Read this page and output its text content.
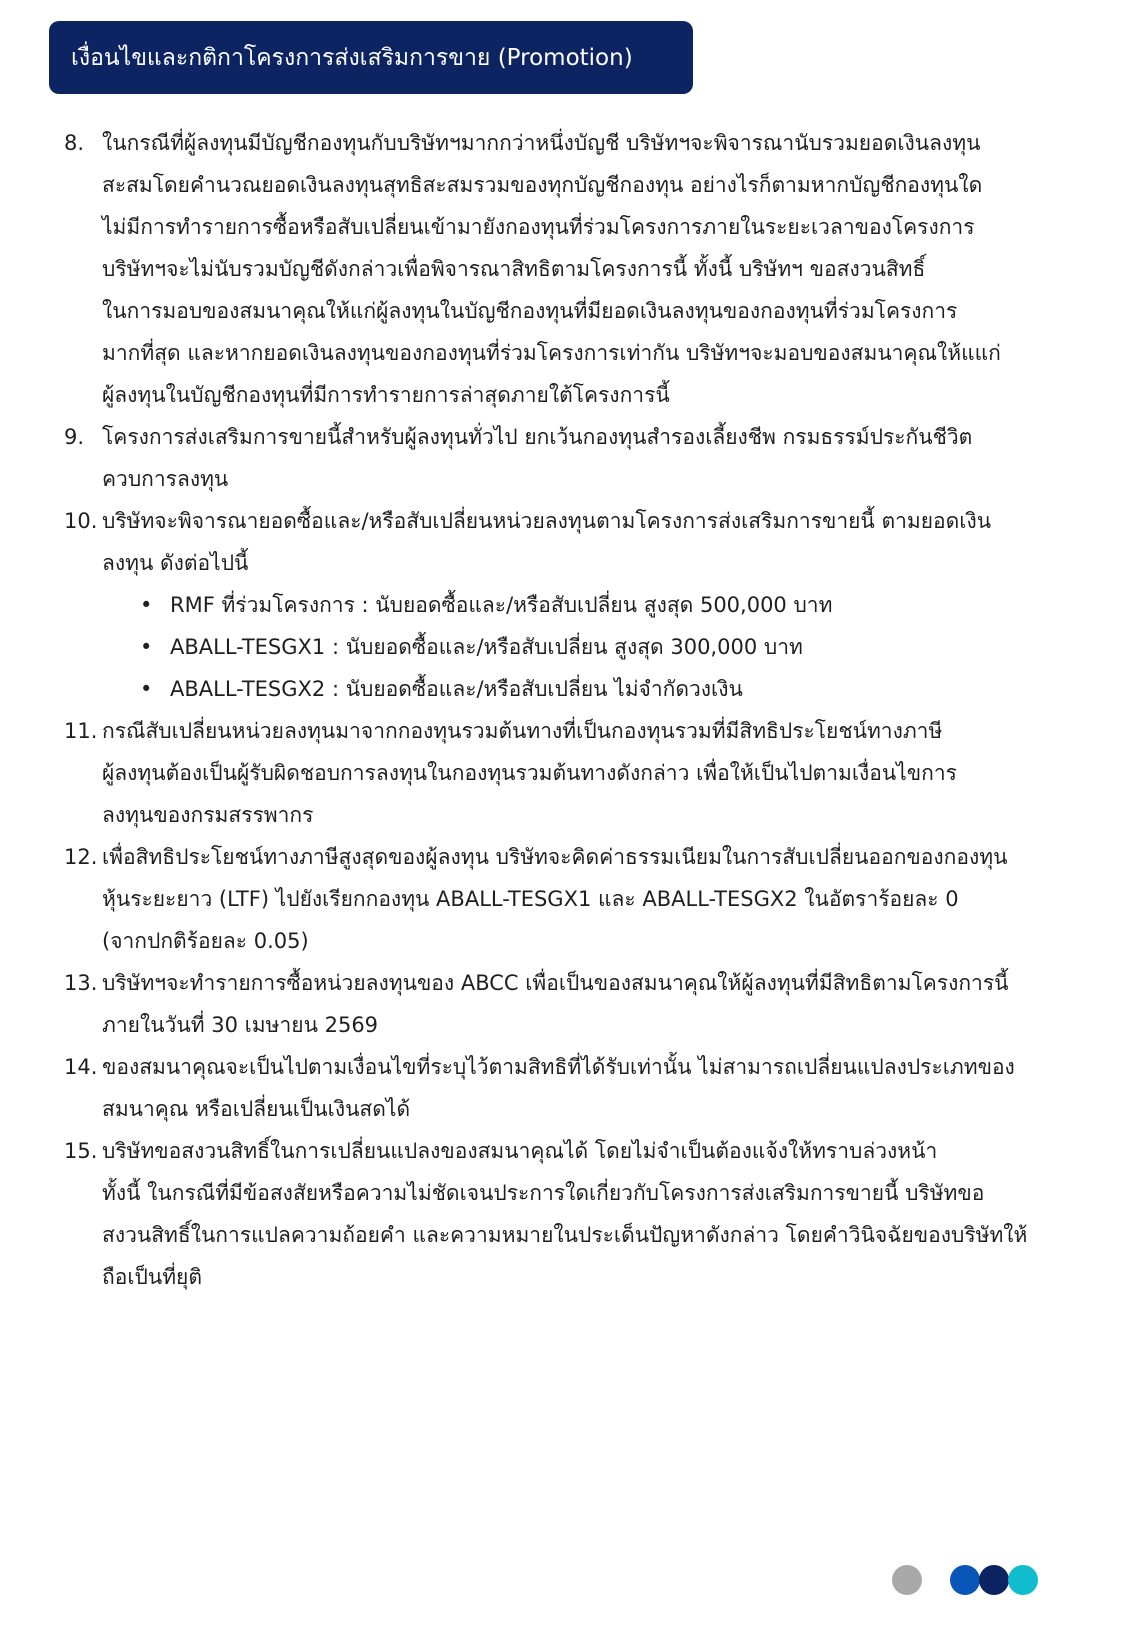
เงื่อนไขและกติกาโครงการส่งเสริมการขาย (Promotion)
8. ในกรณีที่ผู้ลงทุนมีบัญชีกองทุนกับบริษัทฯมากกว่าหนึ่งบัญชี บริษัทฯจะพิจารณานับรวมยอดเงินลงทุน
สะสมโดยคำนวณยอดเงินลงทุนสุทธิสะสมรวมของทุกบัญชีกองทุน อย่างไรก็ตามหากบัญชีกองทุนใด
ไม่มีการทำรายการซื้อหรือสับเปลี่ยนเข้ามายังกองทุนที่ร่วมโครงการภายในระยะเวลาของโครงการ
บริษัทฯจะไม่นับรวมบัญชีดังกล่าวเพื่อพิจารณาสิทธิตามโครงการนี้ ทั้งนี้ บริษัทฯ ขอสงวนสิทธิ์
ในการมอบของสมนาคุณให้แก่ผู้ลงทุนในบัญชีกองทุนที่มียอดเงินลงทุนของกองทุนที่ร่วมโครงการ
มากที่สุด และหากยอดเงินลงทุนของกองทุนที่ร่วมโครงการเท่ากัน บริษัทฯจะมอบของสมนาคุณให้แแก่
ผู้ลงทุนในบัญชีกองทุนที่มีการทำรายการล่าสุดภายใต้โครงการนี้
9. โครงการส่งเสริมการขายนี้สำหรับผู้ลงทุนทั่วไป ยกเว้นกองทุนสำรองเลี้ยงชีพ กรมธรรม์ประกันชีวิต
ควบการลงทุน
10. บริษัทจะพิจารณายอดซื้อและ/หรือสับเปลี่ยนหน่วยลงทุนตามโครงการส่งเสริมการขายนี้ ตามยอดเงิน
ลงทุน ดังต่อไปนี้
• RMF ที่ร่วมโครงการ : นับยอดซื้อและ/หรือสับเปลี่ยน สูงสุด 500,000 บาท
• ABALL-TESGX1 : นับยอดซื้อและ/หรือสับเปลี่ยน สูงสุด 300,000 บาท
• ABALL-TESGX2 : นับยอดซื้อและ/หรือสับเปลี่ยน ไม่จำกัดวงเงิน
11. กรณีสับเปลี่ยนหน่วยลงทุนมาจากกองทุนรวมต้นทางที่เป็นกองทุนรวมที่มีสิทธิประโยชน์ทางภาษี
ผู้ลงทุนต้องเป็นผู้รับผิดชอบการลงทุนในกองทุนรวมต้นทางดังกล่าว เพื่อให้เป็นไปตามเงื่อนไขการ
ลงทุนของกรมสรรพากร
12. เพื่อสิทธิประโยชน์ทางภาษีสูงสุดของผู้ลงทุน บริษัทจะคิดค่าธรรมเนียมในการสับเปลี่ยนออกของกองทุน
หุ้นระยะยาว (LTF) ไปยังเรียกกองทุน ABALL-TESGX1 และ ABALL-TESGX2 ในอัตราร้อยละ 0
(จากปกติร้อยละ 0.05)
13. บริษัทฯจะทำรายการซื้อหน่วยลงทุนของ ABCC เพื่อเป็นของสมนาคุณให้ผู้ลงทุนที่มีสิทธิตามโครงการนี้
ภายในวันที่ 30 เมษายน 2569
14. ของสมนาคุณจะเป็นไปตามเงื่อนไขที่ระบุไว้ตามสิทธิที่ได้รับเท่านั้น ไม่สามารถเปลี่ยนแปลงประเภทของ
สมนาคุณ หรือเปลี่ยนเป็นเงินสดได้
15. บริษัทขอสงวนสิทธิ์ในการเปลี่ยนแปลงของสมนาคุณได้ โดยไม่จำเป็นต้องแจ้งให้ทราบล่วงหน้า
ทั้งนี้ ในกรณีที่มีข้อสงสัยหรือความไม่ชัดเจนประการใดเกี่ยวกับโครงการส่งเสริมการขายนี้ บริษัทขอ
สงวนสิทธิ์ในการแปลความถ้อยคำ และความหมายในประเด็นปัญหาดังกล่าว โดยคำวินิจฉัยของบริษัทให้
ถือเป็นที่ยุติ
